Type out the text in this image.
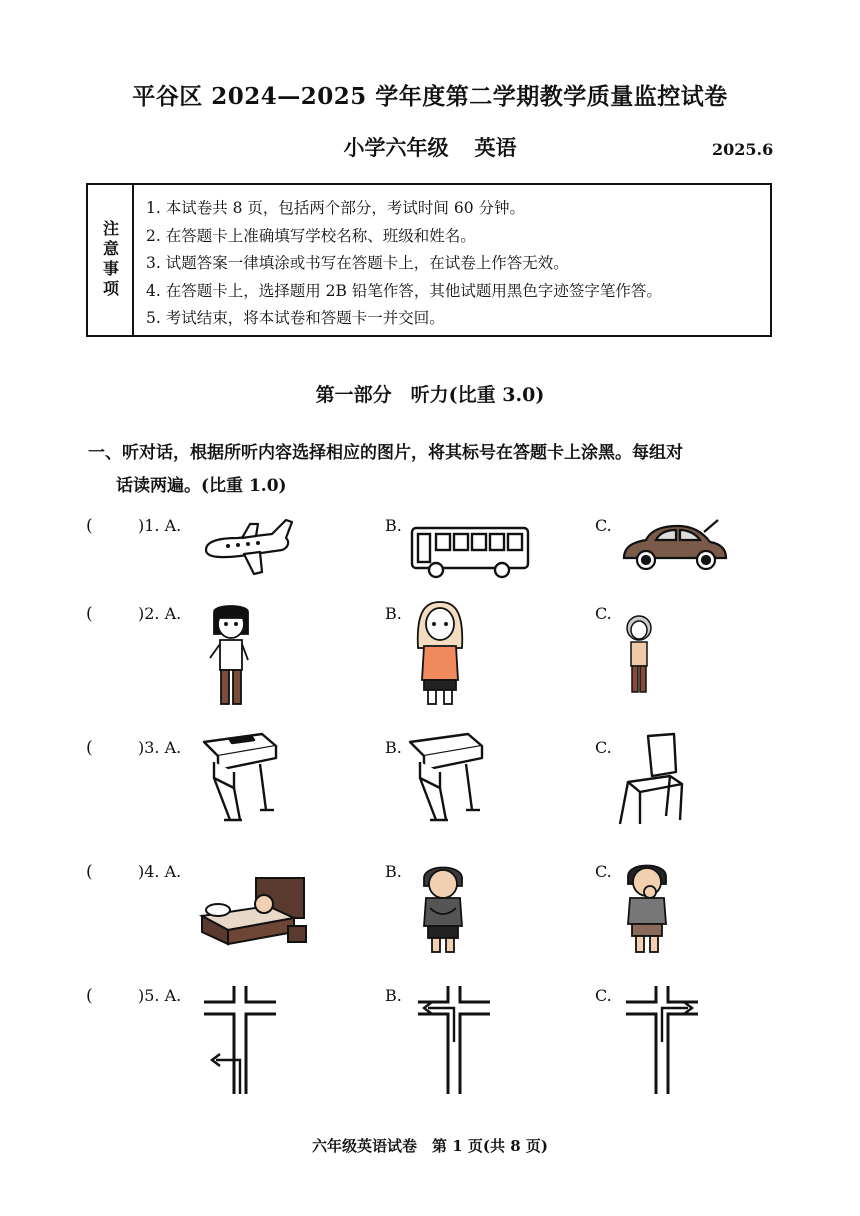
平谷区 2024—2025 学年度第二学期教学质量监控试卷
小学六年级 英语	2025.6
注意事项
1. 本试卷共 8 页，包括两个部分，考试时间 60 分钟。
2. 在答题卡上准确填写学校名称、班级和姓名。
3. 试题答案一律填涂或书写在答题卡上，在试卷上作答无效。
4. 在答题卡上，选择题用 2B 铅笔作答，其他试题用黑色字迹签字笔作答。
5. 考试结束，将本试卷和答题卡一并交回。
第一部分　听力(比重 3.0)
一、听对话，根据所听内容选择相应的图片，将其标号在答题卡上涂黑。每组对
话读两遍。(比重 1.0)
(	)1. A.	B.	C.
(	)2. A.	B.	C.
(	)3. A.	B.	C.
(	)4. A.	B.	C.
(	)5. A.	B.	C.
六年级英语试卷　第 1 页(共 8 页)
